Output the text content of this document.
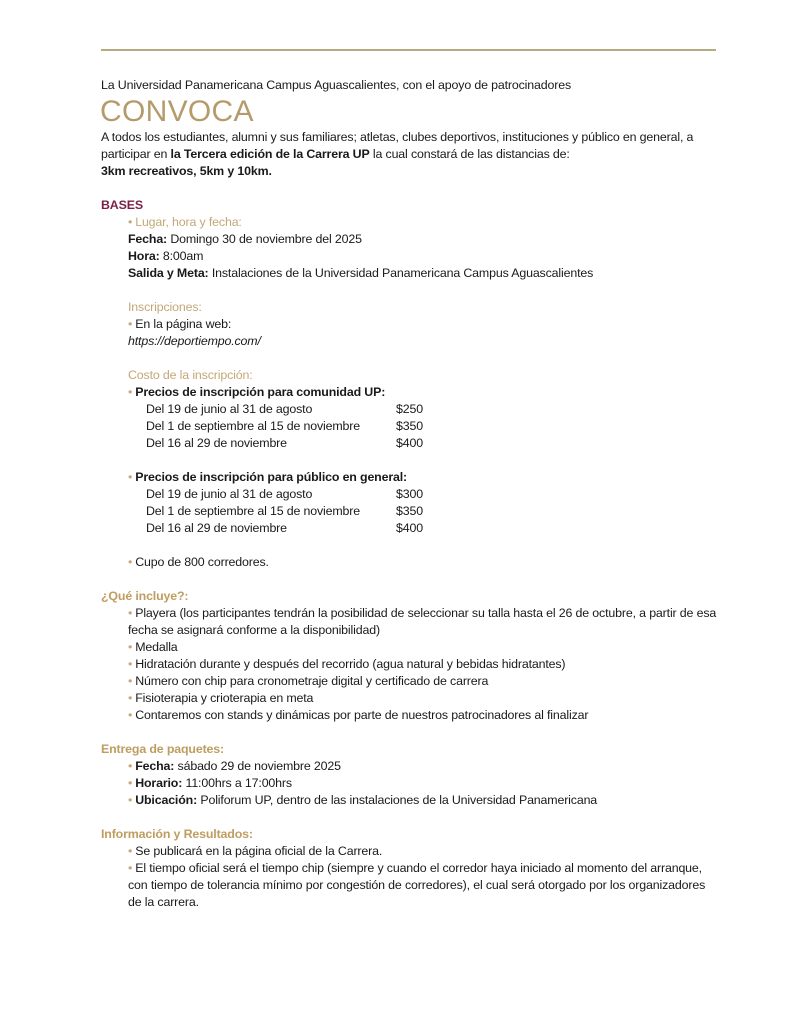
La Universidad Panamericana Campus Aguascalientes, con el apoyo de patrocinadores

CONVOCA

A todos los estudiantes, alumni y sus familiares; atletas, clubes deportivos, instituciones y público en general, a participar en la Tercera edición de la Carrera UP la cual constará de las distancias de:
3km recreativos, 5km y 10km.

BASES
• Lugar, hora y fecha:
Fecha: Domingo 30 de noviembre del 2025
Hora: 8:00am
Salida y Meta: Instalaciones de la Universidad Panamericana Campus Aguascalientes
Inscripciones:
• En la página web:
https://deportiempo.com/
Costo de la inscripción:
• Precios de inscripción para comunidad UP:
Del 19 de junio al 31 de agosto	$250
Del 1 de septiembre al 15 de noviembre	$350
Del 16 al 29 de noviembre	$400
• Precios de inscripción para público en general:
Del 19 de junio al 31 de agosto	$300
Del 1 de septiembre al 15 de noviembre	$350
Del 16 al 29 de noviembre	$400
• Cupo de 800 corredores.
¿Qué incluye?:
• Playera (los participantes tendrán la posibilidad de seleccionar su talla hasta el 26 de octubre, a partir de esa fecha se asignará conforme a la disponibilidad)
• Medalla
• Hidratación durante y después del recorrido (agua natural y bebidas hidratantes)
• Número con chip para cronometraje digital y certificado de carrera
• Fisioterapia y crioterapia en meta
• Contaremos con stands y dinámicas por parte de nuestros patrocinadores al finalizar
Entrega de paquetes:
• Fecha: sábado 29 de noviembre 2025
• Horario: 11:00hrs a 17:00hrs
• Ubicación: Poliforum UP, dentro de las instalaciones de la Universidad Panamericana
Información y Resultados:
• Se publicará en la página oficial de la Carrera.
• El tiempo oficial será el tiempo chip (siempre y cuando el corredor haya iniciado al momento del arranque, con tiempo de tolerancia mínimo por congestión de corredores), el cual será otorgado por los organizadores de la carrera.
